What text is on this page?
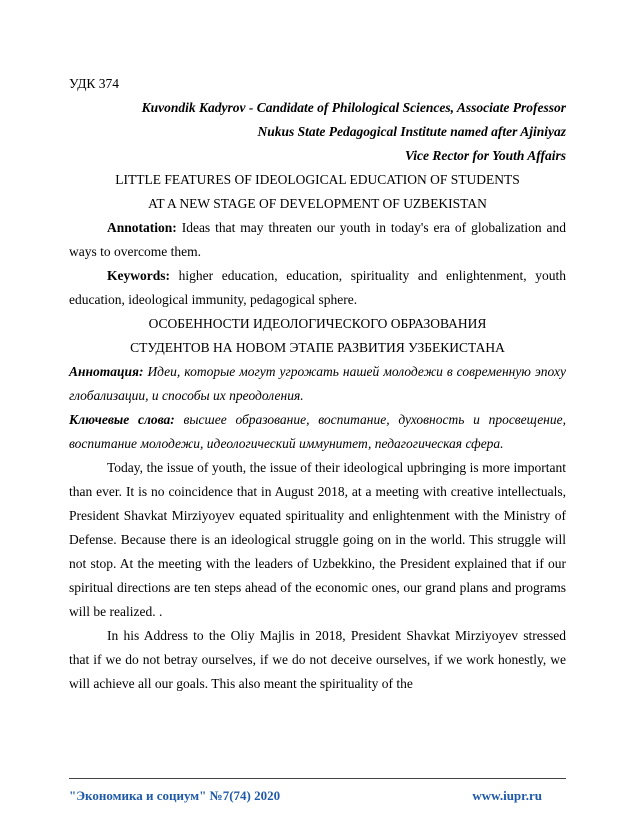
УДК 374

Kuvondik Kadyrov - Candidate of Philological Sciences, Associate Professor

Nukus State Pedagogical Institute named after Ajiniyaz

Vice Rector for Youth Affairs

LITTLE FEATURES OF IDEOLOGICAL EDUCATION OF STUDENTS
AT A NEW STAGE OF DEVELOPMENT OF UZBEKISTAN

Annotation: Ideas that may threaten our youth in today's era of globalization and ways to overcome them.

Keywords: higher education, education, spirituality and enlightenment, youth education, ideological immunity, pedagogical sphere.

ОСОБЕННОСТИ ИДЕОЛОГИЧЕСКОГО ОБРАЗОВАНИЯ
СТУДЕНТОВ НА НОВОМ ЭТАПЕ РАЗВИТИЯ УЗБЕКИСТАНА

Аннотация: Идеи, которые могут угрожать нашей молодежи в современную эпоху глобализации, и способы их преодоления.

Ключевые слова: высшее образование, воспитание, духовность и просвещение, воспитание молодежи, идеологический иммунитет, педагогическая сфера.

Today, the issue of youth, the issue of their ideological upbringing is more important than ever. It is no coincidence that in August 2018, at a meeting with creative intellectuals, President Shavkat Mirziyoyev equated spirituality and enlightenment with the Ministry of Defense. Because there is an ideological struggle going on in the world. This struggle will not stop. At the meeting with the leaders of Uzbekkino, the President explained that if our spiritual directions are ten steps ahead of the economic ones, our grand plans and programs will be realized. .

In his Address to the Oliy Majlis in 2018, President Shavkat Mirziyoyev stressed that if we do not betray ourselves, if we do not deceive ourselves, if we work honestly, we will achieve all our goals. This also meant the spirituality of the

"Экономика и социум" №7(74) 2020	www.iupr.ru
